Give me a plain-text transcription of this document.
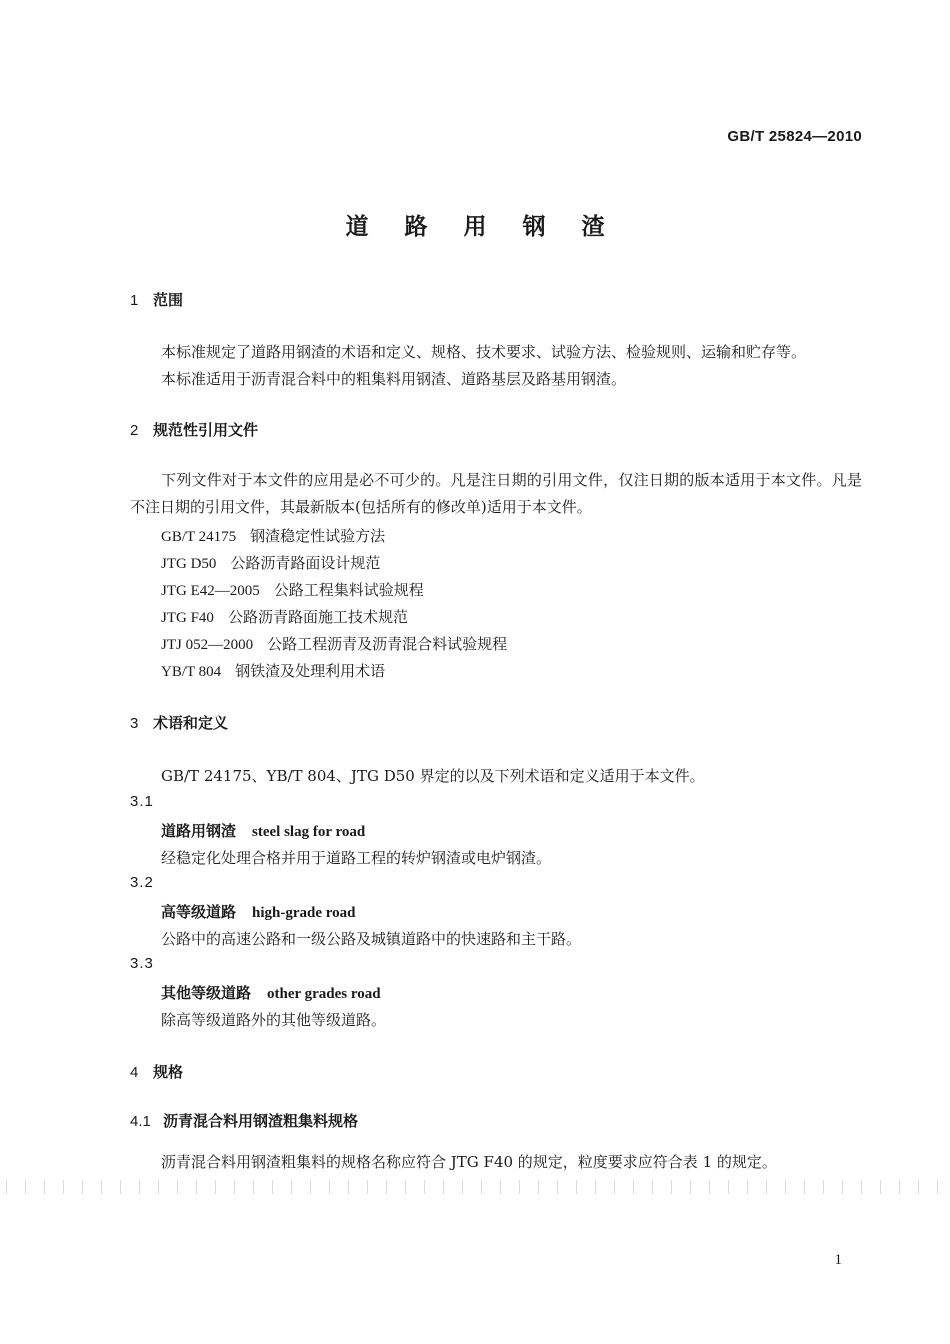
GB/T 25824—2010
道 路 用 钢 渣
1 范围
本标准规定了道路用钢渣的术语和定义、规格、技术要求、试验方法、检验规则、运输和贮存等。
本标准适用于沥青混合料中的粗集料用钢渣、道路基层及路基用钢渣。
2 规范性引用文件
下列文件对于本文件的应用是必不可少的。凡是注日期的引用文件，仅注日期的版本适用于本文件。凡是不注日期的引用文件，其最新版本(包括所有的修改单)适用于本文件。
GB/T 24175 钢渣稳定性试验方法
JTG D50 公路沥青路面设计规范
JTG E42—2005 公路工程集料试验规程
JTG F40 公路沥青路面施工技术规范
JTJ 052—2000 公路工程沥青及沥青混合料试验规程
YB/T 804 钢铁渣及处理利用术语
3 术语和定义
GB/T 24175、YB/T 804、JTG D50 界定的以及下列术语和定义适用于本文件。
3.1
道路用钢渣 steel slag for road
经稳定化处理合格并用于道路工程的转炉钢渣或电炉钢渣。
3.2
高等级道路 high-grade road
公路中的高速公路和一级公路及城镇道路中的快速路和主干路。
3.3
其他等级道路 other grades road
除高等级道路外的其他等级道路。
4 规格
4.1 沥青混合料用钢渣粗集料规格
沥青混合料用钢渣粗集料的规格名称应符合 JTG F40 的规定，粒度要求应符合表 1 的规定。
1
